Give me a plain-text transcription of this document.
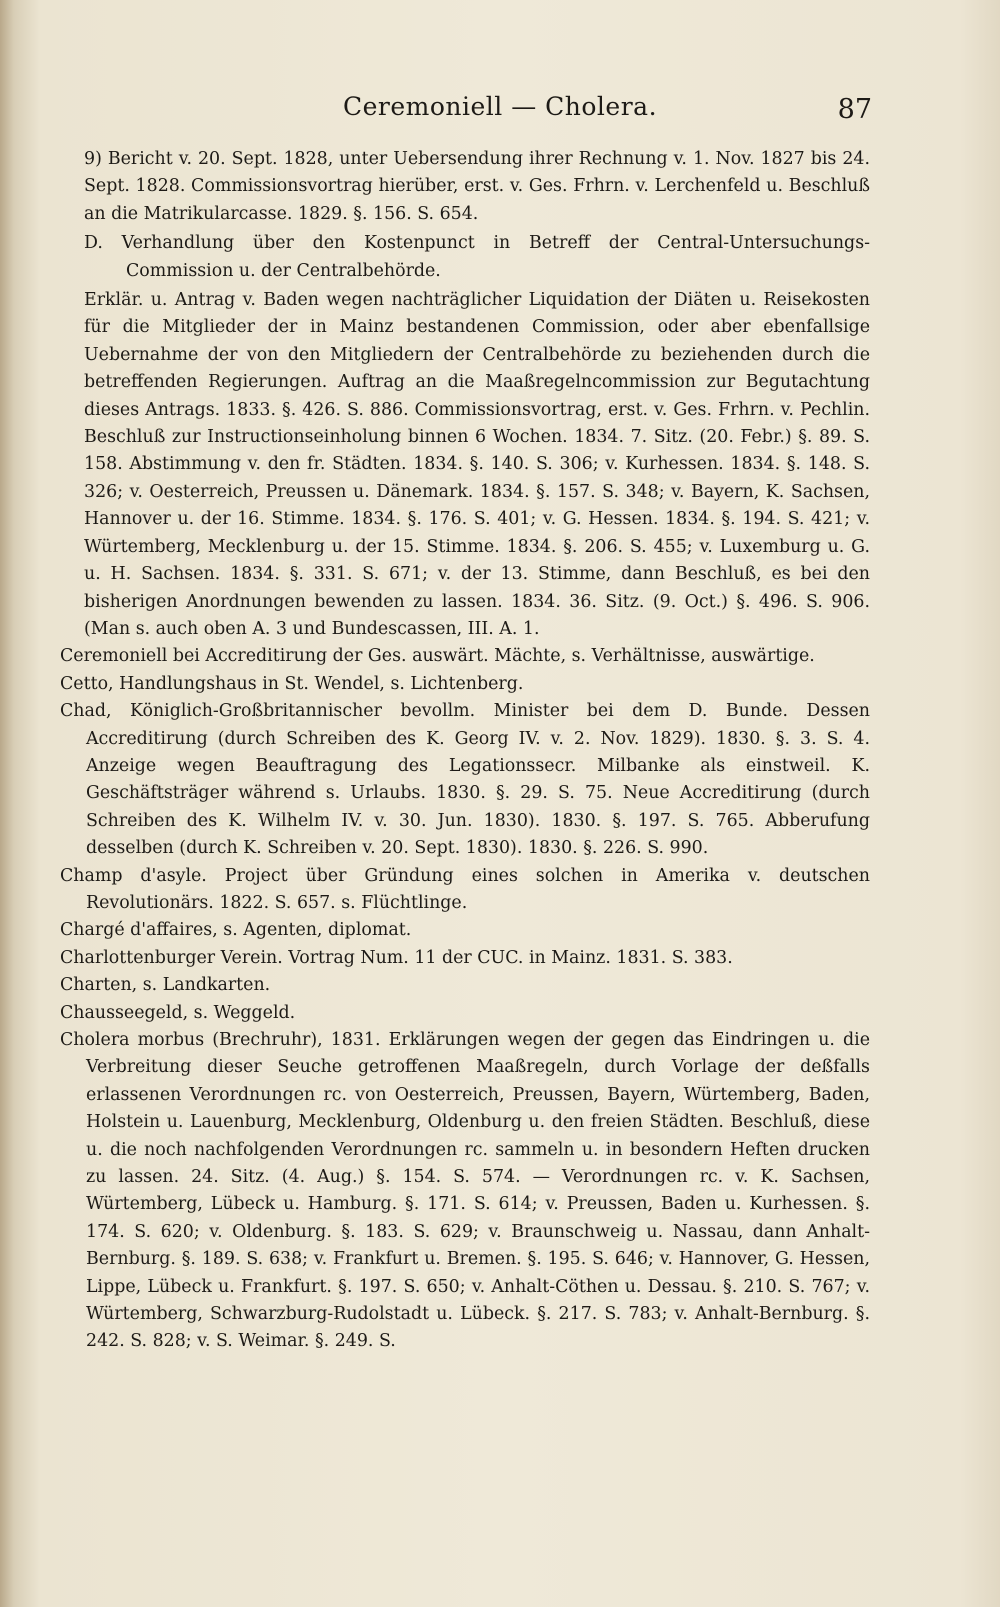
Ceremoniell — Cholera.	87

9) Bericht v. 20. Sept. 1828, unter Uebersendung ihrer Rechnung v. 1. Nov. 1827 bis 24. Sept. 1828. Commissionsvortrag hierüber, erst. v. Ges. Frhrn. v. Lerchenfeld u. Beschluß an die Matrikularcasse. 1829. §. 156. S. 654.

D. Verhandlung über den Kostenpunct in Betreff der Central-Untersuchungs-Commission u. der Centralbehörde.

Erklär. u. Antrag v. Baden wegen nachträglicher Liquidation der Diäten u. Reisekosten für die Mitglieder der in Mainz bestandenen Commission, oder aber ebenfallsige Uebernahme der von den Mitgliedern der Centralbehörde zu beziehenden durch die betreffenden Regierungen. Auftrag an die Maaßregelncommission zur Begutachtung dieses Antrags. 1833. §. 426. S. 886. Commissionsvortrag, erst. v. Ges. Frhrn. v. Pechlin. Beschluß zur Instructionseinholung binnen 6 Wochen. 1834. 7. Sitz. (20. Febr.) §. 89. S. 158. Abstimmung v. den fr. Städten. 1834. §. 140. S. 306; v. Kurhessen. 1834. §. 148. S. 326; v. Oesterreich, Preussen u. Dänemark. 1834. §. 157. S. 348; v. Bayern, K. Sachsen, Hannover u. der 16. Stimme. 1834. §. 176. S. 401; v. G. Hessen. 1834. §. 194. S. 421; v. Würtemberg, Mecklenburg u. der 15. Stimme. 1834. §. 206. S. 455; v. Luxemburg u. G. u. H. Sachsen. 1834. §. 331. S. 671; v. der 13. Stimme, dann Beschluß, es bei den bisherigen Anordnungen bewenden zu lassen. 1834. 36. Sitz. (9. Oct.) §. 496. S. 906. (Man s. auch oben A. 3 und Bundescassen, III. A. 1.

Ceremoniell bei Accreditirung der Ges. auswärt. Mächte, s. Verhältnisse, auswärtige.

Cetto, Handlungshaus in St. Wendel, s. Lichtenberg.

Chad, Königlich-Großbritannischer bevollm. Minister bei dem D. Bunde. Dessen Accreditirung (durch Schreiben des K. Georg IV. v. 2. Nov. 1829). 1830. §. 3. S. 4. Anzeige wegen Beauftragung des Legationssecr. Milbanke als einstweil. K. Geschäftsträger während s. Urlaubs. 1830. §. 29. S. 75. Neue Accreditirung (durch Schreiben des K. Wilhelm IV. v. 30. Jun. 1830). 1830. §. 197. S. 765. Abberufung desselben (durch K. Schreiben v. 20. Sept. 1830). 1830. §. 226. S. 990.

Champ d'asyle. Project über Gründung eines solchen in Amerika v. deutschen Revolutionärs. 1822. S. 657. s. Flüchtlinge.

Chargé d'affaires, s. Agenten, diplomat.

Charlottenburger Verein. Vortrag Num. 11 der CUC. in Mainz. 1831. S. 383.

Charten, s. Landkarten.

Chausseegeld, s. Weggeld.

Cholera morbus (Brechruhr), 1831. Erklärungen wegen der gegen das Eindringen u. die Verbreitung dieser Seuche getroffenen Maaßregeln, durch Vorlage der deßfalls erlassenen Verordnungen rc. von Oesterreich, Preussen, Bayern, Würtemberg, Baden, Holstein u. Lauenburg, Mecklenburg, Oldenburg u. den freien Städten. Beschluß, diese u. die noch nachfolgenden Verordnungen rc. sammeln u. in besondern Heften drucken zu lassen. 24. Sitz. (4. Aug.) §. 154. S. 574. — Verordnungen rc. v. K. Sachsen, Würtemberg, Lübeck u. Hamburg. §. 171. S. 614; v. Preussen, Baden u. Kurhessen. §. 174. S. 620; v. Oldenburg. §. 183. S. 629; v. Braunschweig u. Nassau, dann Anhalt-Bernburg. §. 189. S. 638; v. Frankfurt u. Bremen. §. 195. S. 646; v. Hannover, G. Hessen, Lippe, Lübeck u. Frankfurt. §. 197. S. 650; v. Anhalt-Cöthen u. Dessau. §. 210. S. 767; v. Würtemberg, Schwarzburg-Rudolstadt u. Lübeck. §. 217. S. 783; v. Anhalt-Bernburg. §. 242. S. 828; v. S. Weimar. §. 249. S.
